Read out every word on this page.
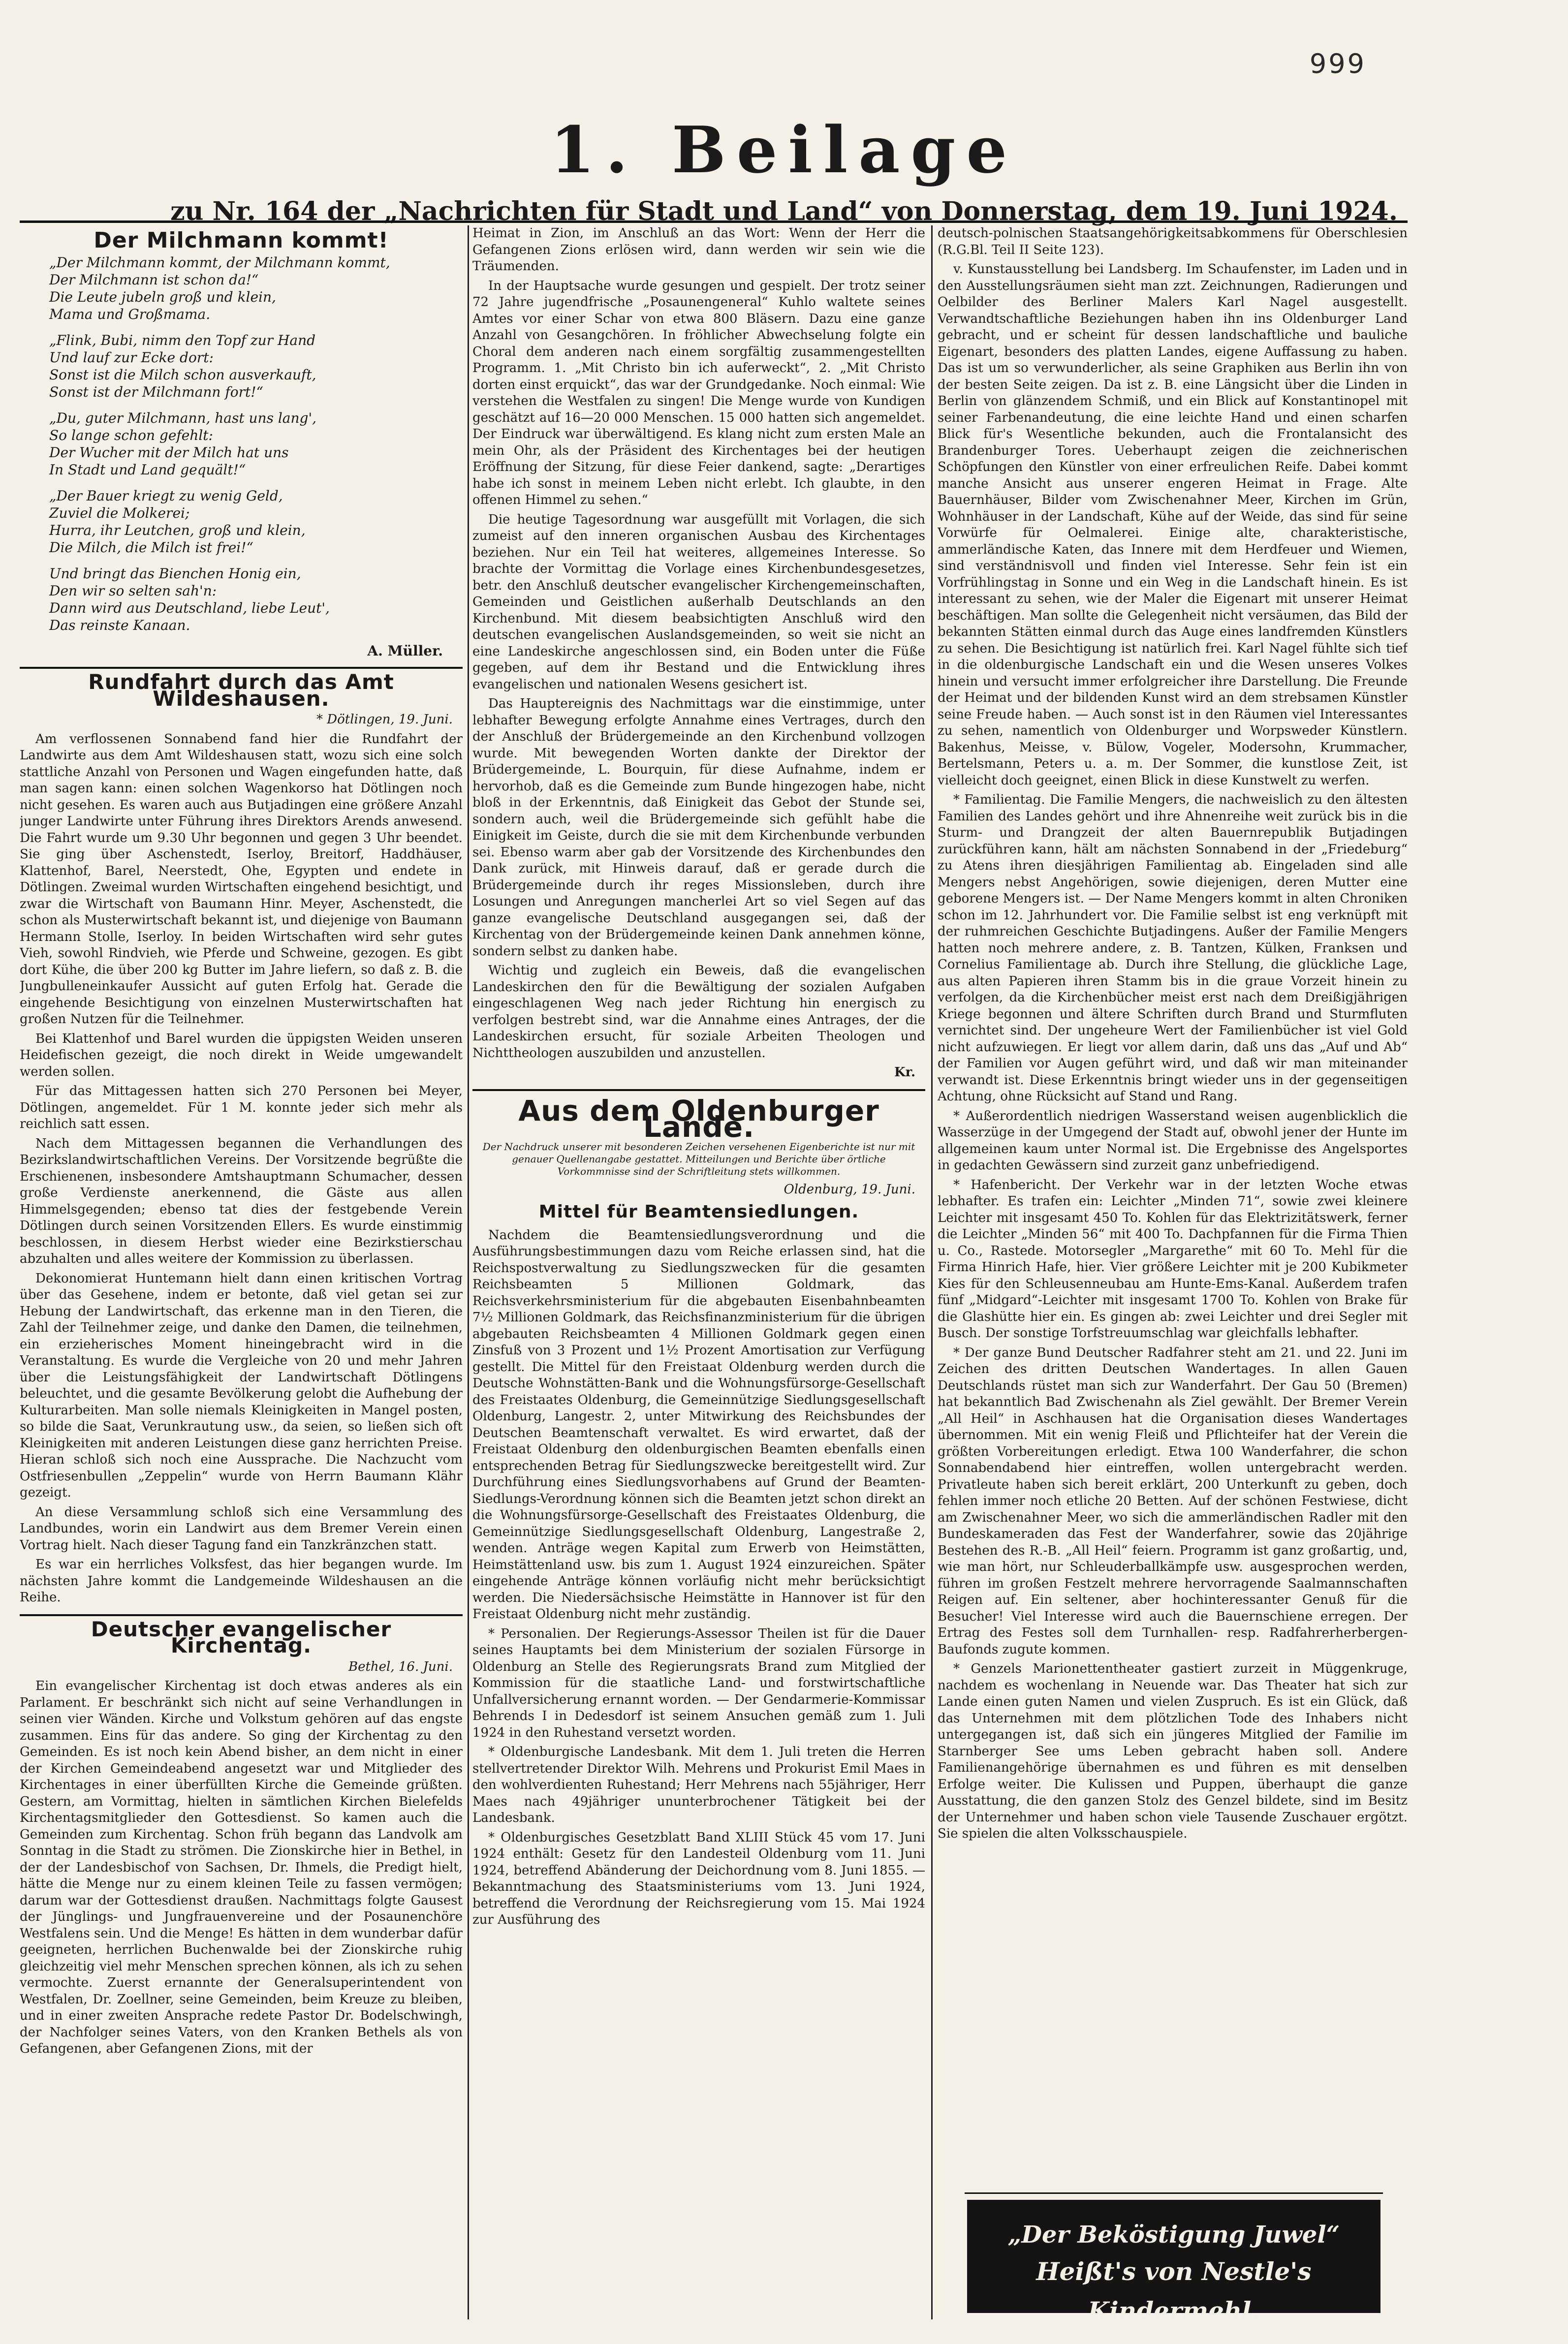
999
1. Beilage
zu Nr. 164 der „Nachrichten für Stadt und Land“ von Donnerstag, dem 19. Juni 1924.
Der Milchmann kommt!
„Der Milchmann kommt, der Milchmann kommt,
Der Milchmann ist schon da!“
Die Leute jubeln groß und klein,
Mama und Großmama.
„Flink, Bubi, nimm den Topf zur Hand
Und lauf zur Ecke dort:
Sonst ist die Milch schon ausverkauft,
Sonst ist der Milchmann fort!“
„Du, guter Milchmann, hast uns lang',
So lange schon gefehlt:
Der Wucher mit der Milch hat uns
In Stadt und Land gequält!“
„Der Bauer kriegt zu wenig Geld,
Zuviel die Molkerei;
Hurra, ihr Leutchen, groß und klein,
Die Milch, die Milch ist frei!“
Und bringt das Bienchen Honig ein,
Den wir so selten sah'n:
Dann wird aus Deutschland, liebe Leut',
Das reinste Kanaan.
A. Müller.
Rundfahrt durch das Amt Wildeshausen.
* Dötlingen, 19. Juni.

Am verflossenen Sonnabend fand hier die Rundfahrt der Landwirte aus dem Amt Wildeshausen statt, wozu sich eine solch stattliche Anzahl von Personen und Wagen eingefunden hatte, daß man sagen kann: einen solchen Wagenkorso hat Dötlingen noch nicht gesehen. Es waren auch aus Butjadingen eine größere Anzahl junger Landwirte unter Führung ihres Direktors Arends anwesend. Die Fahrt wurde um 9.30 Uhr begonnen und gegen 3 Uhr beendet. Sie ging über Aschenstedt, Iserloy, Breitorf, Haddhäuser, Klattenhof, Barel, Neerstedt, Ohe, Egypten und endete in Dötlingen. Zweimal wurden Wirtschaften eingehend besichtigt, und zwar die Wirtschaft von Baumann Hinr. Meyer, Aschenstedt, die schon als Musterwirtschaft bekannt ist, und diejenige von Baumann Hermann Stolle, Iserloy. In beiden Wirtschaften wird sehr gutes Vieh, sowohl Rindvieh, wie Pferde und Schweine, gezogen. Es gibt dort Kühe, die über 200 kg Butter im Jahre liefern, so daß z. B. die Jungbulleneinkaufer Aussicht auf guten Erfolg hat. Gerade die eingehende Besichtigung von einzelnen Musterwirtschaften hat großen Nutzen für die Teilnehmer.

Bei Klattenhof und Barel wurden die üppigsten Weiden unseren Heidefischen gezeigt, die noch direkt in Weide umgewandelt werden sollen.

Für das Mittagessen hatten sich 270 Personen bei Meyer, Dötlingen, angemeldet. Für 1 M. konnte jeder sich mehr als reichlich satt essen.

Nach dem Mittagessen begannen die Verhandlungen des Bezirkslandwirtschaftlichen Vereins. Der Vorsitzende begrüßte die Erschienenen, insbesondere Amtshauptmann Schumacher, dessen große Verdienste anerkennend, die Gäste aus allen Himmelsgegenden; ebenso tat dies der festgebende Verein Dötlingen durch seinen Vorsitzenden Ellers. Es wurde einstimmig beschlossen, in diesem Herbst wieder eine Bezirkstierschau abzuhalten und alles weitere der Kommission zu überlassen.

Dekonomierat Huntemann hielt dann einen kritischen Vortrag über das Gesehene, indem er betonte, daß viel getan sei zur Hebung der Landwirtschaft, das erkenne man in den Tieren, die Zahl der Teilnehmer zeige, und danke den Damen, die teilnehmen, ein erzieherisches Moment hineingebracht wird in die Veranstaltung. Es wurde die Vergleiche von 20 und mehr Jahren über die Leistungsfähigkeit der Landwirtschaft Dötlingens beleuchtet, und die gesamte Bevölkerung gelobt die Aufhebung der Kulturarbeiten. Man solle niemals Kleinigkeiten in Mangel posten, so bilde die Saat, Verunkrautung usw., da seien, so ließen sich oft Kleinigkeiten mit anderen Leistungen diese ganz herrichten Preise. Hieran schloß sich noch eine Aussprache. Die Nachzucht vom Ostfriesenbullen „Zeppelin“ wurde von Herrn Baumann Klähr gezeigt.

An diese Versammlung schloß sich eine Versammlung des Landbundes, worin ein Landwirt aus dem Bremer Verein einen Vortrag hielt. Nach dieser Tagung fand ein Tanzkränzchen statt.

Es war ein herrliches Volksfest, das hier begangen wurde. Im nächsten Jahre kommt die Landgemeinde Wildeshausen an die Reihe.

Deutscher evangelischer Kirchentag.
Bethel, 16. Juni.

Ein evangelischer Kirchentag ist doch etwas anderes als ein Parlament. Er beschränkt sich nicht auf seine Verhandlungen in seinen vier Wänden. Kirche und Volkstum gehören auf das engste zusammen. Eins für das andere. So ging der Kirchentag zu den Gemeinden. Es ist noch kein Abend bisher, an dem nicht in einer der Kirchen Gemeindeabend angesetzt war und Mitglieder des Kirchentages in einer überfüllten Kirche die Gemeinde grüßten. Gestern, am Vormittag, hielten in sämtlichen Kirchen Bielefelds Kirchentagsmitglieder den Gottesdienst. So kamen auch die Gemeinden zum Kirchentag. Schon früh begann das Landvolk am Sonntag in die Stadt zu strömen. Die Zionskirche hier in Bethel, in der der Landesbischof von Sachsen, Dr. Ihmels, die Predigt hielt, hätte die Menge nur zu einem kleinen Teile zu fassen vermögen; darum war der Gottesdienst draußen. Nachmittags folgte Gausest der Jünglings- und Jungfrauenvereine und der Posaunenchöre Westfalens sein. Und die Menge! Es hätten in dem wunderbar dafür geeigneten, herrlichen Buchenwalde bei der Zionskirche ruhig gleichzeitig viel mehr Menschen sprechen können, als ich zu sehen vermochte. Zuerst ernannte der Generalsuperintendent von Westfalen, Dr. Zoellner, seine Gemeinden, beim Kreuze zu bleiben, und in einer zweiten Ansprache redete Pastor Dr. Bodelschwingh, der Nachfolger seines Vaters, von den Kranken Bethels als von Gefangenen, aber Gefangenen Zions, mit der

Heimat in Zion, im Anschluß an das Wort: Wenn der Herr die Gefangenen Zions erlösen wird, dann werden wir sein wie die Träumenden.

In der Hauptsache wurde gesungen und gespielt. Der trotz seiner 72 Jahre jugendfrische „Posaunengeneral“ Kuhlo waltete seines Amtes vor einer Schar von etwa 800 Bläsern. Dazu eine ganze Anzahl von Gesangchören. In fröhlicher Abwechselung folgte ein Choral dem anderen nach einem sorgfältig zusammengestellten Programm. 1. „Mit Christo bin ich auferweckt“, 2. „Mit Christo dorten einst erquickt“, das war der Grundgedanke. Noch einmal: Wie verstehen die Westfalen zu singen! Die Menge wurde von Kundigen geschätzt auf 16—20 000 Menschen. 15 000 hatten sich angemeldet. Der Eindruck war überwältigend. Es klang nicht zum ersten Male an mein Ohr, als der Präsident des Kirchentages bei der heutigen Eröffnung der Sitzung, für diese Feier dankend, sagte: „Derartiges habe ich sonst in meinem Leben nicht erlebt. Ich glaubte, in den offenen Himmel zu sehen.“

Die heutige Tagesordnung war ausgefüllt mit Vorlagen, die sich zumeist auf den inneren organischen Ausbau des Kirchentages beziehen. Nur ein Teil hat weiteres, allgemeines Interesse. So brachte der Vormittag die Vorlage eines Kirchenbundesgesetzes, betr. den Anschluß deutscher evangelischer Kirchengemeinschaften, Gemeinden und Geistlichen außerhalb Deutschlands an den Kirchenbund. Mit diesem beabsichtigten Anschluß wird den deutschen evangelischen Auslandsgemeinden, so weit sie nicht an eine Landeskirche angeschlossen sind, ein Boden unter die Füße gegeben, auf dem ihr Bestand und die Entwicklung ihres evangelischen und nationalen Wesens gesichert ist.

Das Hauptereignis des Nachmittags war die einstimmige, unter lebhafter Bewegung erfolgte Annahme eines Vertrages, durch den der Anschluß der Brüdergemeinde an den Kirchenbund vollzogen wurde. Mit bewegenden Worten dankte der Direktor der Brüdergemeinde, L. Bourquin, für diese Aufnahme, indem er hervorhob, daß es die Gemeinde zum Bunde hingezogen habe, nicht bloß in der Erkenntnis, daß Einigkeit das Gebot der Stunde sei, sondern auch, weil die Brüdergemeinde sich gefühlt habe die Einigkeit im Geiste, durch die sie mit dem Kirchenbunde verbunden sei. Ebenso warm aber gab der Vorsitzende des Kirchenbundes den Dank zurück, mit Hinweis darauf, daß er gerade durch die Brüdergemeinde durch ihr reges Missionsleben, durch ihre Losungen und Anregungen mancherlei Art so viel Segen auf das ganze evangelische Deutschland ausgegangen sei, daß der Kirchentag von der Brüdergemeinde keinen Dank annehmen könne, sondern selbst zu danken habe.

Wichtig und zugleich ein Beweis, daß die evangelischen Landeskirchen den für die Bewältigung der sozialen Aufgaben eingeschlagenen Weg nach jeder Richtung hin energisch zu verfolgen bestrebt sind, war die Annahme eines Antrages, der die Landeskirchen ersucht, für soziale Arbeiten Theologen und Nichttheologen auszubilden und anzustellen.

Kr.
Aus dem Oldenburger Lande.
Der Nachdruck unserer mit besonderen Zeichen versehenen Eigenberichte ist nur mit genauer Quellenangabe gestattet. Mitteilungen und Berichte über örtliche Vorkommnisse sind der Schriftleitung stets willkommen.
Oldenburg, 19. Juni.
Mittel für Beamtensiedlungen.

Nachdem die Beamtensiedlungsverordnung und die Ausführungsbestimmungen dazu vom Reiche erlassen sind, hat die Reichspostverwaltung zu Siedlungszwecken für die gesamten Reichsbeamten 5 Millionen Goldmark, das Reichsverkehrsministerium für die abgebauten Eisenbahnbeamten 7½ Millionen Goldmark, das Reichsfinanzministerium für die übrigen abgebauten Reichsbeamten 4 Millionen Goldmark gegen einen Zinsfuß von 3 Prozent und 1½ Prozent Amortisation zur Verfügung gestellt. Die Mittel für den Freistaat Oldenburg werden durch die Deutsche Wohnstätten-Bank und die Wohnungsfürsorge-Gesellschaft des Freistaates Oldenburg, die Gemeinnützige Siedlungsgesellschaft Oldenburg, Langestr. 2, unter Mitwirkung des Reichsbundes der Deutschen Beamtenschaft verwaltet. Es wird erwartet, daß der Freistaat Oldenburg den oldenburgischen Beamten ebenfalls einen entsprechenden Betrag für Siedlungszwecke bereitgestellt wird. Zur Durchführung eines Siedlungsvorhabens auf Grund der Beamten-Siedlungs-Verordnung können sich die Beamten jetzt schon direkt an die Wohnungsfürsorge-Gesellschaft des Freistaates Oldenburg, die Gemeinnützige Siedlungsgesellschaft Oldenburg, Langestraße 2, wenden. Anträge wegen Kapital zum Erwerb von Heimstätten, Heimstättenland usw. bis zum 1. August 1924 einzureichen. Später eingehende Anträge können vorläufig nicht mehr berücksichtigt werden. Die Niedersächsische Heimstätte in Hannover ist für den Freistaat Oldenburg nicht mehr zuständig.

* Personalien. Der Regierungs-Assessor Theilen ist für die Dauer seines Hauptamts bei dem Ministerium der sozialen Fürsorge in Oldenburg an Stelle des Regierungsrats Brand zum Mitglied der Kommission für die staatliche Land- und forstwirtschaftliche Unfallversicherung ernannt worden. — Der Gendarmerie-Kommissar Behrends I in Dedesdorf ist seinem Ansuchen gemäß zum 1. Juli 1924 in den Ruhestand versetzt worden.

* Oldenburgische Landesbank. Mit dem 1. Juli treten die Herren stellvertretender Direktor Wilh. Mehrens und Prokurist Emil Maes in den wohlverdienten Ruhestand; Herr Mehrens nach 55jähriger, Herr Maes nach 49jähriger ununterbrochener Tätigkeit bei der Landesbank.

* Oldenburgisches Gesetzblatt Band XLIII Stück 45 vom 17. Juni 1924 enthält: Gesetz für den Landesteil Oldenburg vom 11. Juni 1924, betreffend Abänderung der Deichordnung vom 8. Juni 1855. — Bekanntmachung des Staatsministeriums vom 13. Juni 1924, betreffend die Verordnung der Reichsregierung vom 15. Mai 1924 zur Ausführung des

deutsch-polnischen Staatsangehörigkeitsabkommens für Oberschlesien (R.G.Bl. Teil II Seite 123).

v. Kunstausstellung bei Landsberg. Im Schaufenster, im Laden und in den Ausstellungsräumen sieht man zzt. Zeichnungen, Radierungen und Oelbilder des Berliner Malers Karl Nagel ausgestellt. Verwandtschaftliche Beziehungen haben ihn ins Oldenburger Land gebracht, und er scheint für dessen landschaftliche und bauliche Eigenart, besonders des platten Landes, eigene Auffassung zu haben. Das ist um so verwunderlicher, als seine Graphiken aus Berlin ihn von der besten Seite zeigen. Da ist z. B. eine Längsicht über die Linden in Berlin von glänzendem Schmiß, und ein Blick auf Konstantinopel mit seiner Farbenandeutung, die eine leichte Hand und einen scharfen Blick für's Wesentliche bekunden, auch die Frontalansicht des Brandenburger Tores. Ueberhaupt zeigen die zeichnerischen Schöpfungen den Künstler von einer erfreulichen Reife. Dabei kommt manche Ansicht aus unserer engeren Heimat in Frage. Alte Bauernhäuser, Bilder vom Zwischenahner Meer, Kirchen im Grün, Wohnhäuser in der Landschaft, Kühe auf der Weide, das sind für seine Vorwürfe für Oelmalerei. Einige alte, charakteristische, ammerländische Katen, das Innere mit dem Herdfeuer und Wiemen, sind verständnisvoll und finden viel Interesse. Sehr fein ist ein Vorfrühlingstag in Sonne und ein Weg in die Landschaft hinein. Es ist interessant zu sehen, wie der Maler die Eigenart mit unserer Heimat beschäftigen. Man sollte die Gelegenheit nicht versäumen, das Bild der bekannten Stätten einmal durch das Auge eines landfremden Künstlers zu sehen. Die Besichtigung ist natürlich frei. Karl Nagel fühlte sich tief in die oldenburgische Landschaft ein und die Wesen unseres Volkes hinein und versucht immer erfolgreicher ihre Darstellung. Die Freunde der Heimat und der bildenden Kunst wird an dem strebsamen Künstler seine Freude haben. — Auch sonst ist in den Räumen viel Interessantes zu sehen, namentlich von Oldenburger und Worpsweder Künstlern. Bakenhus, Meisse, v. Bülow, Vogeler, Modersohn, Krummacher, Bertelsmann, Peters u. a. m. Der Sommer, die kunstlose Zeit, ist vielleicht doch geeignet, einen Blick in diese Kunstwelt zu werfen.

* Familientag. Die Familie Mengers, die nachweislich zu den ältesten Familien des Landes gehört und ihre Ahnenreihe weit zurück bis in die Sturm- und Drangzeit der alten Bauernrepublik Butjadingen zurückführen kann, hält am nächsten Sonnabend in der „Friedeburg“ zu Atens ihren diesjährigen Familientag ab. Eingeladen sind alle Mengers nebst Angehörigen, sowie diejenigen, deren Mutter eine geborene Mengers ist. — Der Name Mengers kommt in alten Chroniken schon im 12. Jahrhundert vor. Die Familie selbst ist eng verknüpft mit der ruhmreichen Geschichte Butjadingens. Außer der Familie Mengers hatten noch mehrere andere, z. B. Tantzen, Külken, Franksen und Cornelius Familientage ab. Durch ihre Stellung, die glückliche Lage, aus alten Papieren ihren Stamm bis in die graue Vorzeit hinein zu verfolgen, da die Kirchenbücher meist erst nach dem Dreißigjährigen Kriege begonnen und ältere Schriften durch Brand und Sturmfluten vernichtet sind. Der ungeheure Wert der Familienbücher ist viel Gold nicht aufzuwiegen. Er liegt vor allem darin, daß uns das „Auf und Ab“ der Familien vor Augen geführt wird, und daß wir man miteinander verwandt ist. Diese Erkenntnis bringt wieder uns in der gegenseitigen Achtung, ohne Rücksicht auf Stand und Rang.

* Außerordentlich niedrigen Wasserstand weisen augenblicklich die Wasserzüge in der Umgegend der Stadt auf, obwohl jener der Hunte im allgemeinen kaum unter Normal ist. Die Ergebnisse des Angelsportes in gedachten Gewässern sind zurzeit ganz unbefriedigend.

* Hafenbericht. Der Verkehr war in der letzten Woche etwas lebhafter. Es trafen ein: Leichter „Minden 71“, sowie zwei kleinere Leichter mit insgesamt 450 To. Kohlen für das Elektrizitätswerk, ferner die Leichter „Minden 56“ mit 400 To. Dachpfannen für die Firma Thien u. Co., Rastede. Motorsegler „Margarethe“ mit 60 To. Mehl für die Firma Hinrich Hafe, hier. Vier größere Leichter mit je 200 Kubikmeter Kies für den Schleusenneubau am Hunte-Ems-Kanal. Außerdem trafen fünf „Midgard“-Leichter mit insgesamt 1700 To. Kohlen von Brake für die Glashütte hier ein. Es gingen ab: zwei Leichter und drei Segler mit Busch. Der sonstige Torfstreuumschlag war gleichfalls lebhafter.

* Der ganze Bund Deutscher Radfahrer steht am 21. und 22. Juni im Zeichen des dritten Deutschen Wandertages. In allen Gauen Deutschlands rüstet man sich zur Wanderfahrt. Der Gau 50 (Bremen) hat bekanntlich Bad Zwischenahn als Ziel gewählt. Der Bremer Verein „All Heil“ in Aschhausen hat die Organisation dieses Wandertages übernommen. Mit ein wenig Fleiß und Pflichteifer hat der Verein die größten Vorbereitungen erledigt. Etwa 100 Wanderfahrer, die schon Sonnabendabend hier eintreffen, wollen untergebracht werden. Privatleute haben sich bereit erklärt, 200 Unterkunft zu geben, doch fehlen immer noch etliche 20 Betten. Auf der schönen Festwiese, dicht am Zwischenahner Meer, wo sich die ammerländischen Radler mit den Bundeskameraden das Fest der Wanderfahrer, sowie das 20jährige Bestehen des R.-B. „All Heil“ feiern. Programm ist ganz großartig, und, wie man hört, nur Schleuderballkämpfe usw. ausgesprochen werden, führen im großen Festzelt mehrere hervorragende Saalmannschaften Reigen auf. Ein seltener, aber hochinteressanter Genuß für die Besucher! Viel Interesse wird auch die Bauernschiene erregen. Der Ertrag des Festes soll dem Turnhallen- resp. Radfahrerherbergen-Baufonds zugute kommen.

* Genzels Marionettentheater gastiert zurzeit in Müggenkruge, nachdem es wochenlang in Neuende war. Das Theater hat sich zur Lande einen guten Namen und vielen Zuspruch. Es ist ein Glück, daß das Unternehmen mit dem plötzlichen Tode des Inhabers nicht untergegangen ist, daß sich ein jüngeres Mitglied der Familie im Starnberger See ums Leben gebracht haben soll. Andere Familienangehörige übernahmen es und führen es mit denselben Erfolge weiter. Die Kulissen und Puppen, überhaupt die ganze Ausstattung, die den ganzen Stolz des Genzel bildete, sind im Besitz der Unternehmer und haben schon viele Tausende Zuschauer ergötzt. Sie spielen die alten Volksschauspiele.

„Der Beköstigung Juwel“
Heißt's von Nestle's Kindermehl.
